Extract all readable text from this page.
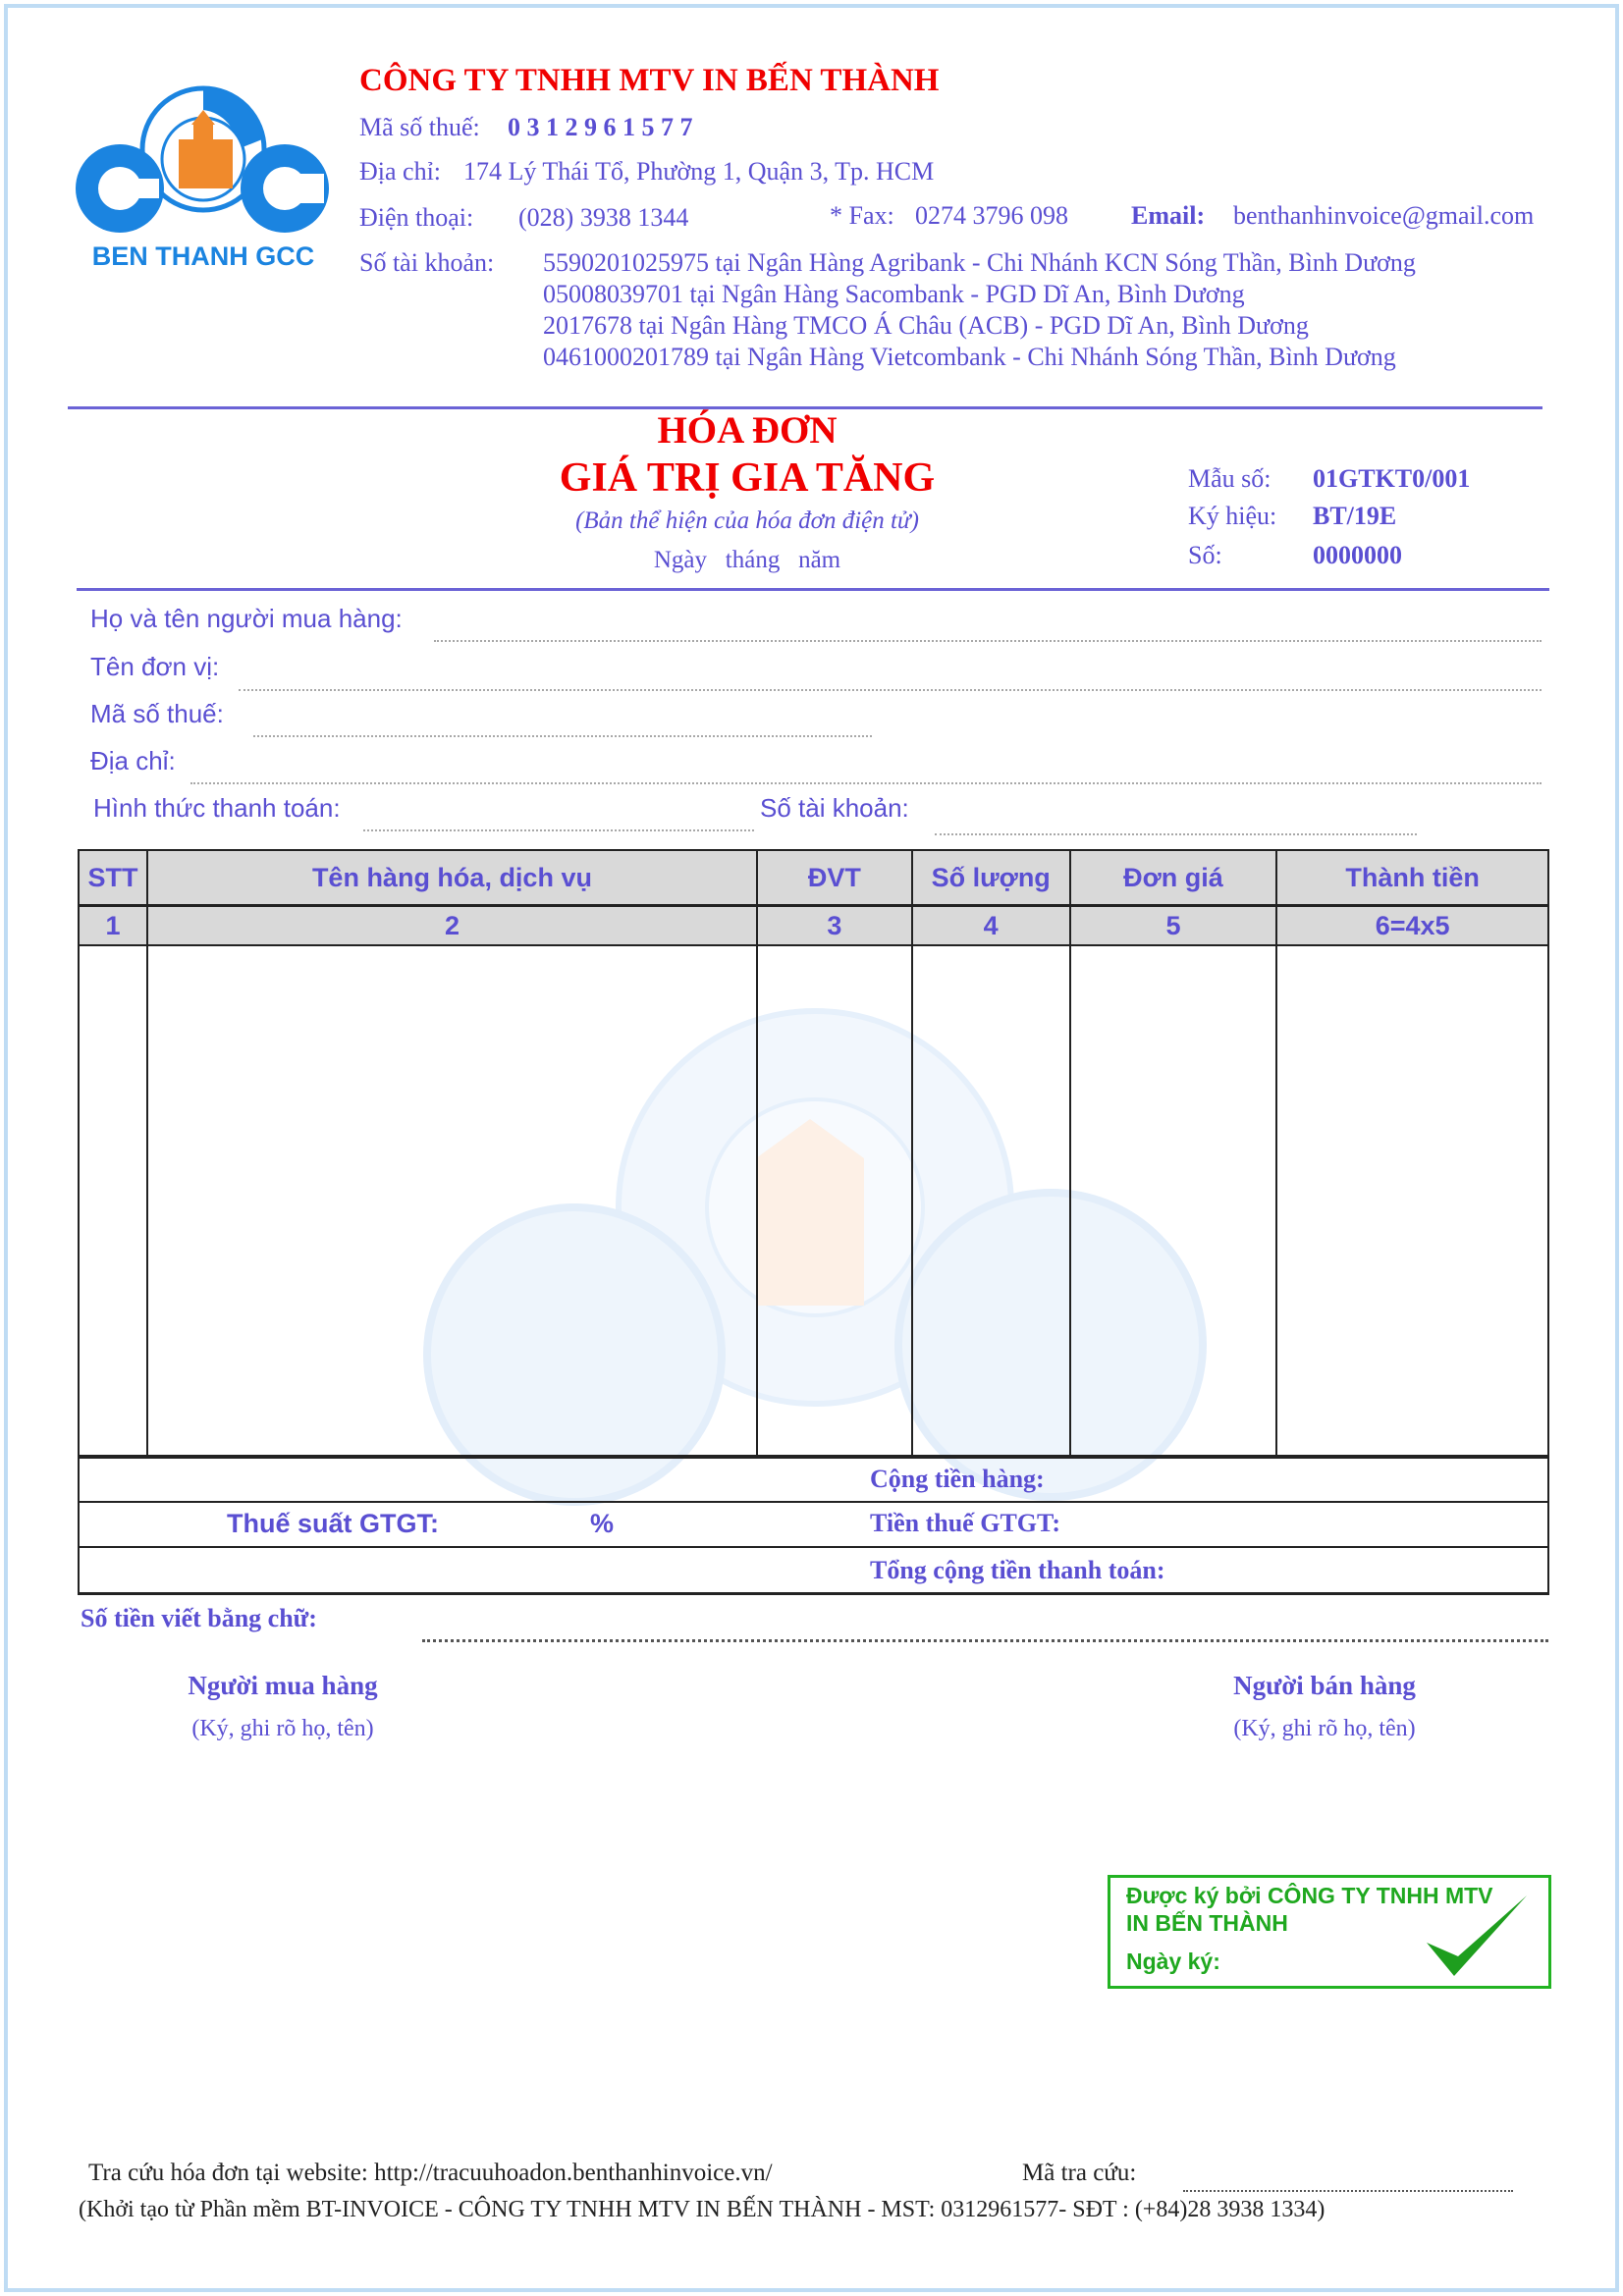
BEN THANH GCC
CÔNG TY TNHH MTV IN BẾN THÀNH
Mã số thuế: 0 3 1 2 9 6 1 5 7 7
Địa chỉ: 174 Lý Thái Tổ, Phường 1, Quận 3, Tp. HCM
Điện thoại: (028) 3938 1344	* Fax: 0274 3796 098 Email: benthanhinvoice@gmail.com
Số tài khoản: 5590201025975 tại Ngân Hàng Agribank - Chi Nhánh KCN Sóng Thần, Bình Dương
05008039701 tại Ngân Hàng Sacombank - PGD Dĩ An, Bình Dương
2017678 tại Ngân Hàng TMCO Á Châu (ACB) - PGD Dĩ An, Bình Dương
0461000201789 tại Ngân Hàng Vietcombank - Chi Nhánh Sóng Thần, Bình Dương
HÓA ĐƠN
GIÁ TRỊ GIA TĂNG
(Bản thể hiện của hóa đơn điện tử)
Ngày   tháng   năm
Mẫu số: 01GTKT0/001
Ký hiệu: BT/19E
Số:	0000000
Họ và tên người mua hàng:
Tên đơn vị:
Mã số thuế:
Địa chỉ:
Hình thức thanh toán:	Số tài khoản:
STT	Tên hàng hóa, dịch vụ	ĐVT	Số lượng	Đơn giá	Thành tiền
1	2	3	4	5	6=4x5

Cộng tiền hàng:
Thuế suất GTGT:	%	Tiền thuế GTGT:
Tổng cộng tiền thanh toán:
Số tiền viết bằng chữ:
Người mua hàng
(Ký, ghi rõ họ, tên)
Người bán hàng
(Ký, ghi rõ họ, tên)
Được ký bởi CÔNG TY TNHH MTV
IN BẾN THÀNH
Ngày ký:
Tra cứu hóa đơn tại website: http://tracuuhoadon.benthanhinvoice.vn/	Mã tra cứu:
(Khởi tạo từ Phần mềm BT-INVOICE - CÔNG TY TNHH MTV IN BẾN THÀNH - MST: 0312961577- SĐT : (+84)28 3938 1334)
